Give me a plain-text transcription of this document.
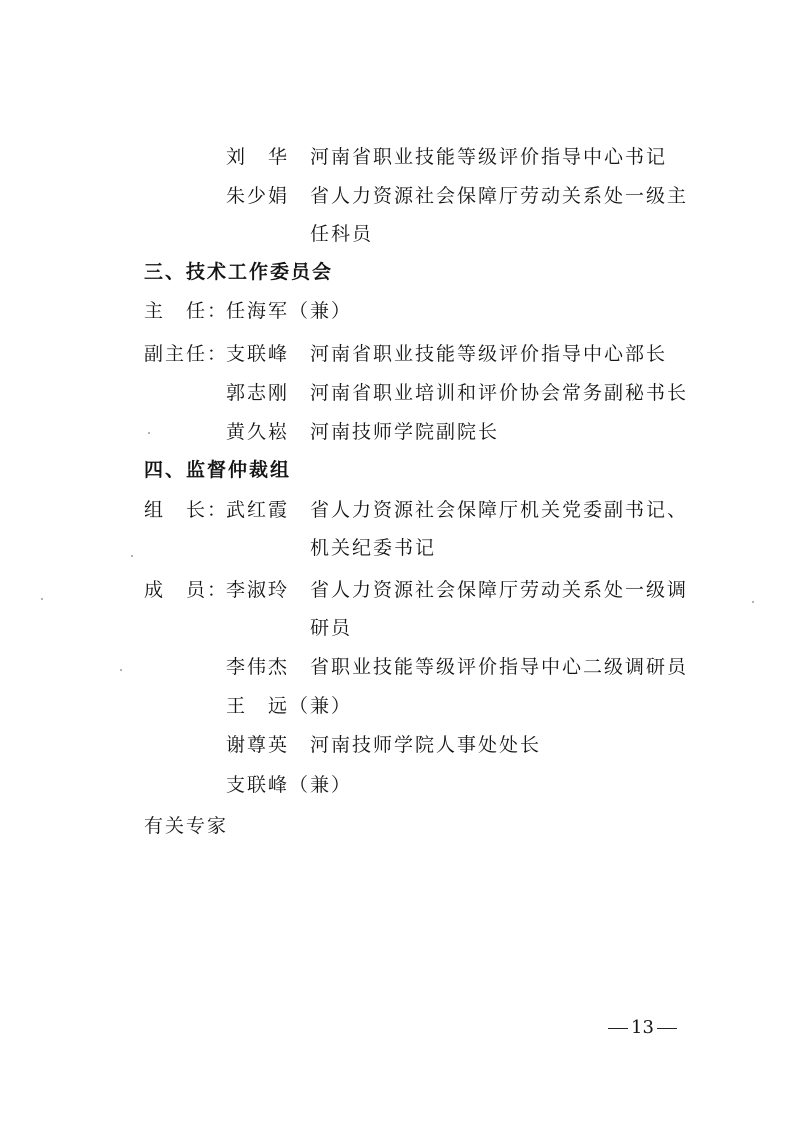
刘　华 河南省职业技能等级评价指导中心书记
朱少娟 省人力资源社会保障厅劳动关系处一级主
任科员
三、技术工作委员会
主　任：
任海军（兼）
副主任：
支联峰 河南省职业技能等级评价指导中心部长
郭志刚 河南省职业培训和评价协会常务副秘书长
黄久崧 河南技师学院副院长
四、监督仲裁组
组　长：
武红霞 省人力资源社会保障厅机关党委副书记、
机关纪委书记
成　员：
李淑玲 省人力资源社会保障厅劳动关系处一级调
研员
李伟杰 省职业技能等级评价指导中心二级调研员
王　远（兼）
谢尊英 河南技师学院人事处处长
支联峰（兼）
有关专家
13
